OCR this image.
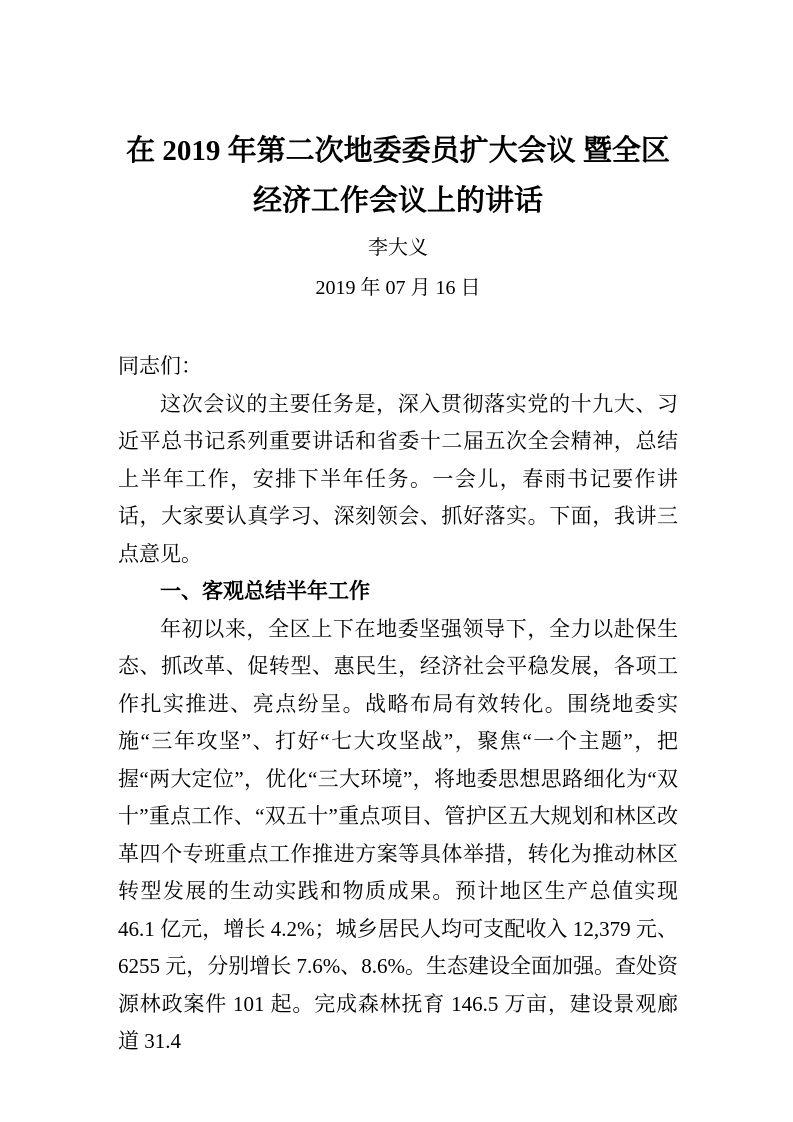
在 2019 年第二次地委委员扩大会议 暨全区经济工作会议上的讲话
李大义
2019 年 07 月 16 日

同志们：

这次会议的主要任务是，深入贯彻落实党的十九大、习近平总书记系列重要讲话和省委十二届五次全会精神，总结上半年工作，安排下半年任务。一会儿，春雨书记要作讲话，大家要认真学习、深刻领会、抓好落实。下面，我讲三点意见。

一、客观总结半年工作

年初以来，全区上下在地委坚强领导下，全力以赴保生态、抓改革、促转型、惠民生，经济社会平稳发展，各项工作扎实推进、亮点纷呈。战略布局有效转化。围绕地委实施“三年攻坚”、打好“七大攻坚战”，聚焦“一个主题”，把握“两大定位”，优化“三大环境”，将地委思想思路细化为“双十”重点工作、“双五十”重点项目、管护区五大规划和林区改革四个专班重点工作推进方案等具体举措，转化为推动林区转型发展的生动实践和物质成果。预计地区生产总值实现 46.1 亿元，增长 4.2%；城乡居民人均可支配收入 12,379 元、6255 元，分别增长 7.6%、8.6%。生态建设全面加强。查处资源林政案件 101 起。完成森林抚育 146.5 万亩，建设景观廊道 31.4
